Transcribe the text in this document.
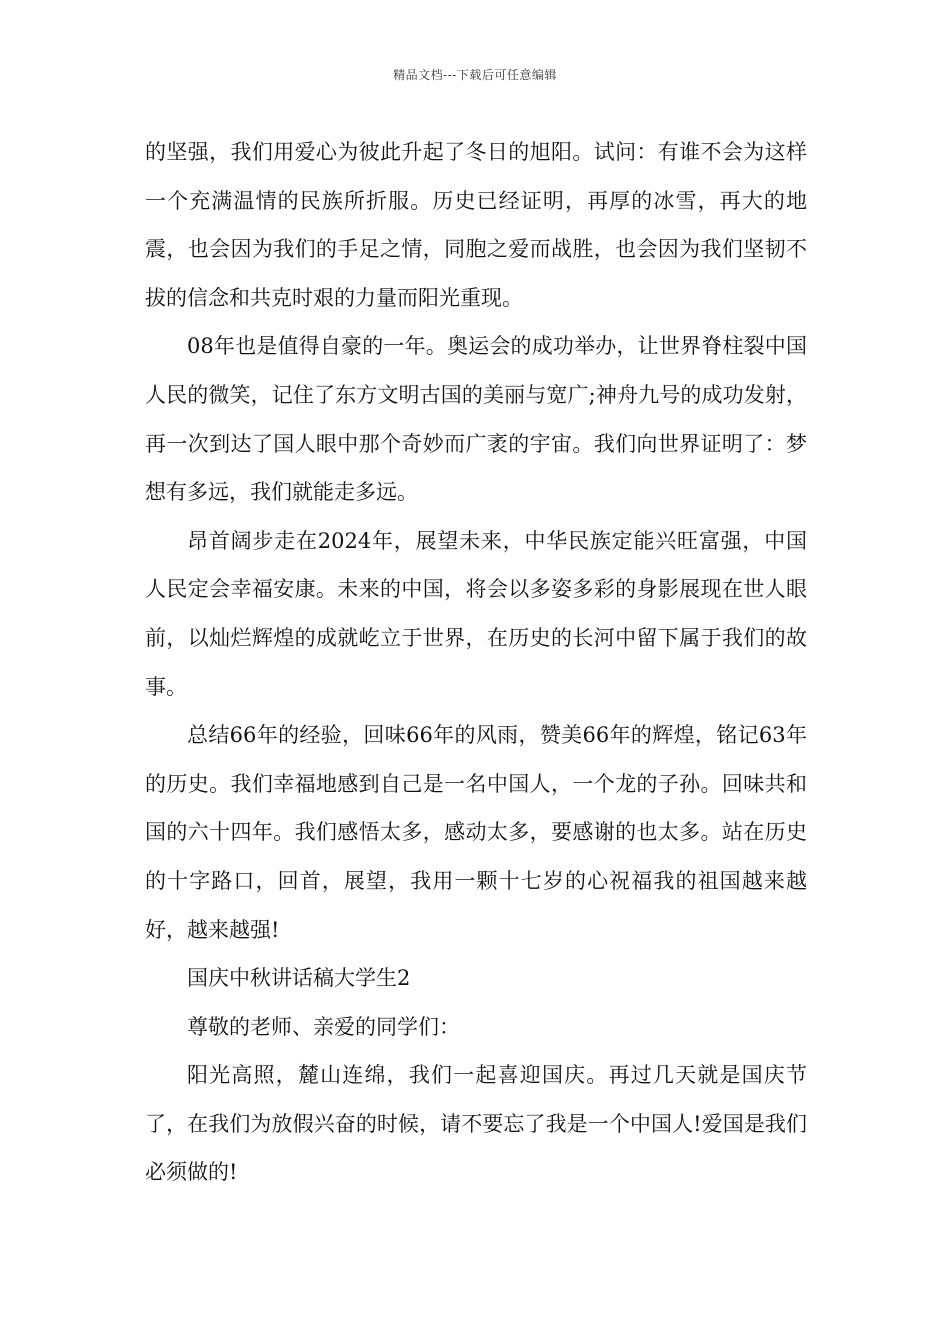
精品文档---下载后可任意编辑

的坚强，我们用爱心为彼此升起了冬日的旭阳。试问：有谁不会为这样一个充满温情的民族所折服。历史已经证明，再厚的冰雪，再大的地震，也会因为我们的手足之情，同胞之爱而战胜，也会因为我们坚韧不拔的信念和共克时艰的力量而阳光重现。

08年也是值得自豪的一年。奥运会的成功举办，让世界脊柱裂中国人民的微笑，记住了东方文明古国的美丽与宽广;神舟九号的成功发射，再一次到达了国人眼中那个奇妙而广袤的宇宙。我们向世界证明了：梦想有多远，我们就能走多远。

昂首阔步走在2024年，展望未来，中华民族定能兴旺富强，中国人民定会幸福安康。未来的中国，将会以多姿多彩的身影展现在世人眼前，以灿烂辉煌的成就屹立于世界，在历史的长河中留下属于我们的故事。

总结66年的经验，回味66年的风雨，赞美66年的辉煌，铭记63年的历史。我们幸福地感到自己是一名中国人，一个龙的子孙。回味共和国的六十四年。我们感悟太多，感动太多，要感谢的也太多。站在历史的十字路口，回首，展望，我用一颗十七岁的心祝福我的祖国越来越好，越来越强!

国庆中秋讲话稿大学生2

尊敬的老师、亲爱的同学们：

阳光高照，麓山连绵，我们一起喜迎国庆。再过几天就是国庆节了，在我们为放假兴奋的时候，请不要忘了我是一个中国人!爱国是我们必须做的!
